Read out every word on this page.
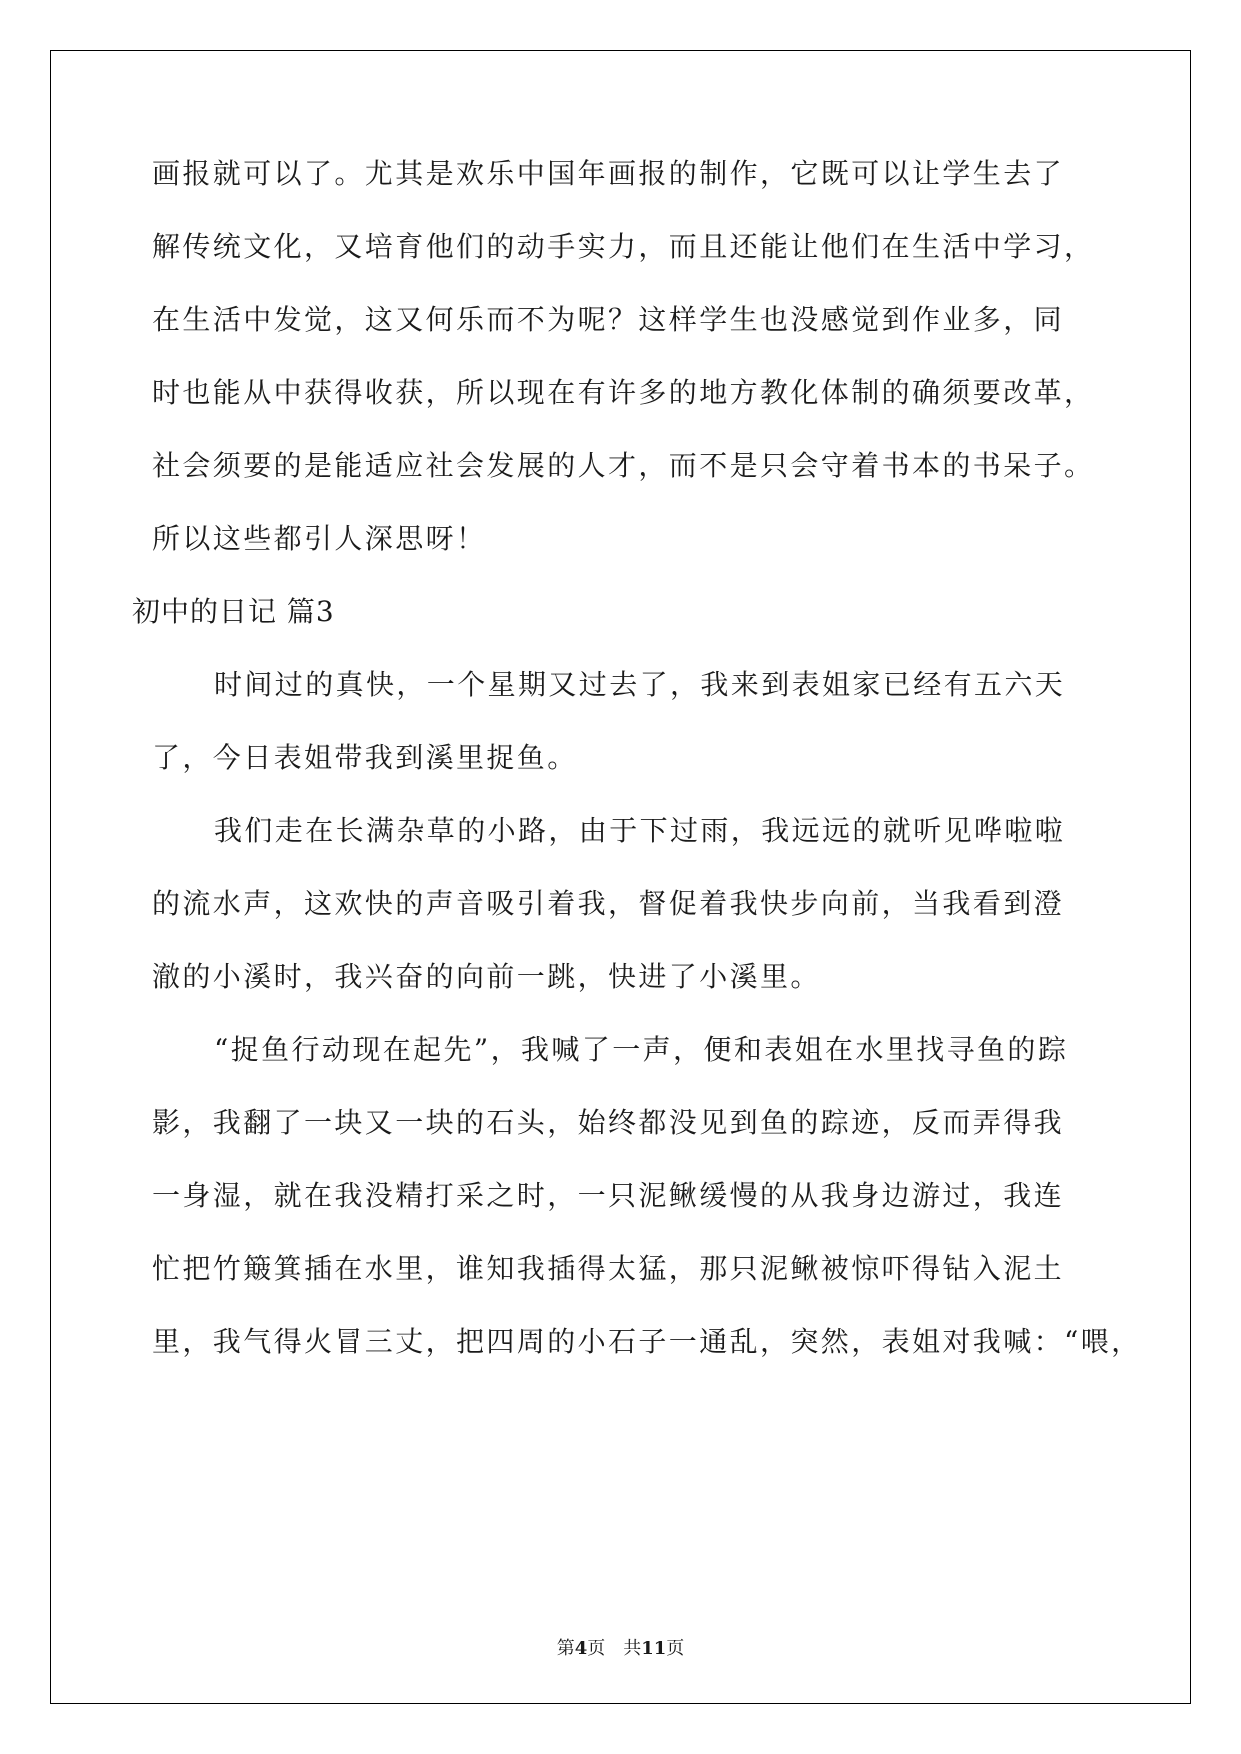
画报就可以了。尤其是欢乐中国年画报的制作，它既可以让学生去了
解传统文化，又培育他们的动手实力，而且还能让他们在生活中学习，
在生活中发觉，这又何乐而不为呢？这样学生也没感觉到作业多，同
时也能从中获得收获，所以现在有许多的地方教化体制的确须要改革，
社会须要的是能适应社会发展的人才，而不是只会守着书本的书呆子。
所以这些都引人深思呀！
初中的日记 篇3
时间过的真快，一个星期又过去了，我来到表姐家已经有五六天
了，今日表姐带我到溪里捉鱼。
我们走在长满杂草的小路，由于下过雨，我远远的就听见哗啦啦
的流水声，这欢快的声音吸引着我，督促着我快步向前，当我看到澄
澈的小溪时，我兴奋的向前一跳，快进了小溪里。
“捉鱼行动现在起先”，我喊了一声，便和表姐在水里找寻鱼的踪
影，我翻了一块又一块的石头，始终都没见到鱼的踪迹，反而弄得我
一身湿，就在我没精打采之时，一只泥鳅缓慢的从我身边游过，我连
忙把竹簸箕插在水里，谁知我插得太猛，那只泥鳅被惊吓得钻入泥土
里，我气得火冒三丈，把四周的小石子一通乱，突然，表姐对我喊：“喂，
第4页　共11页
